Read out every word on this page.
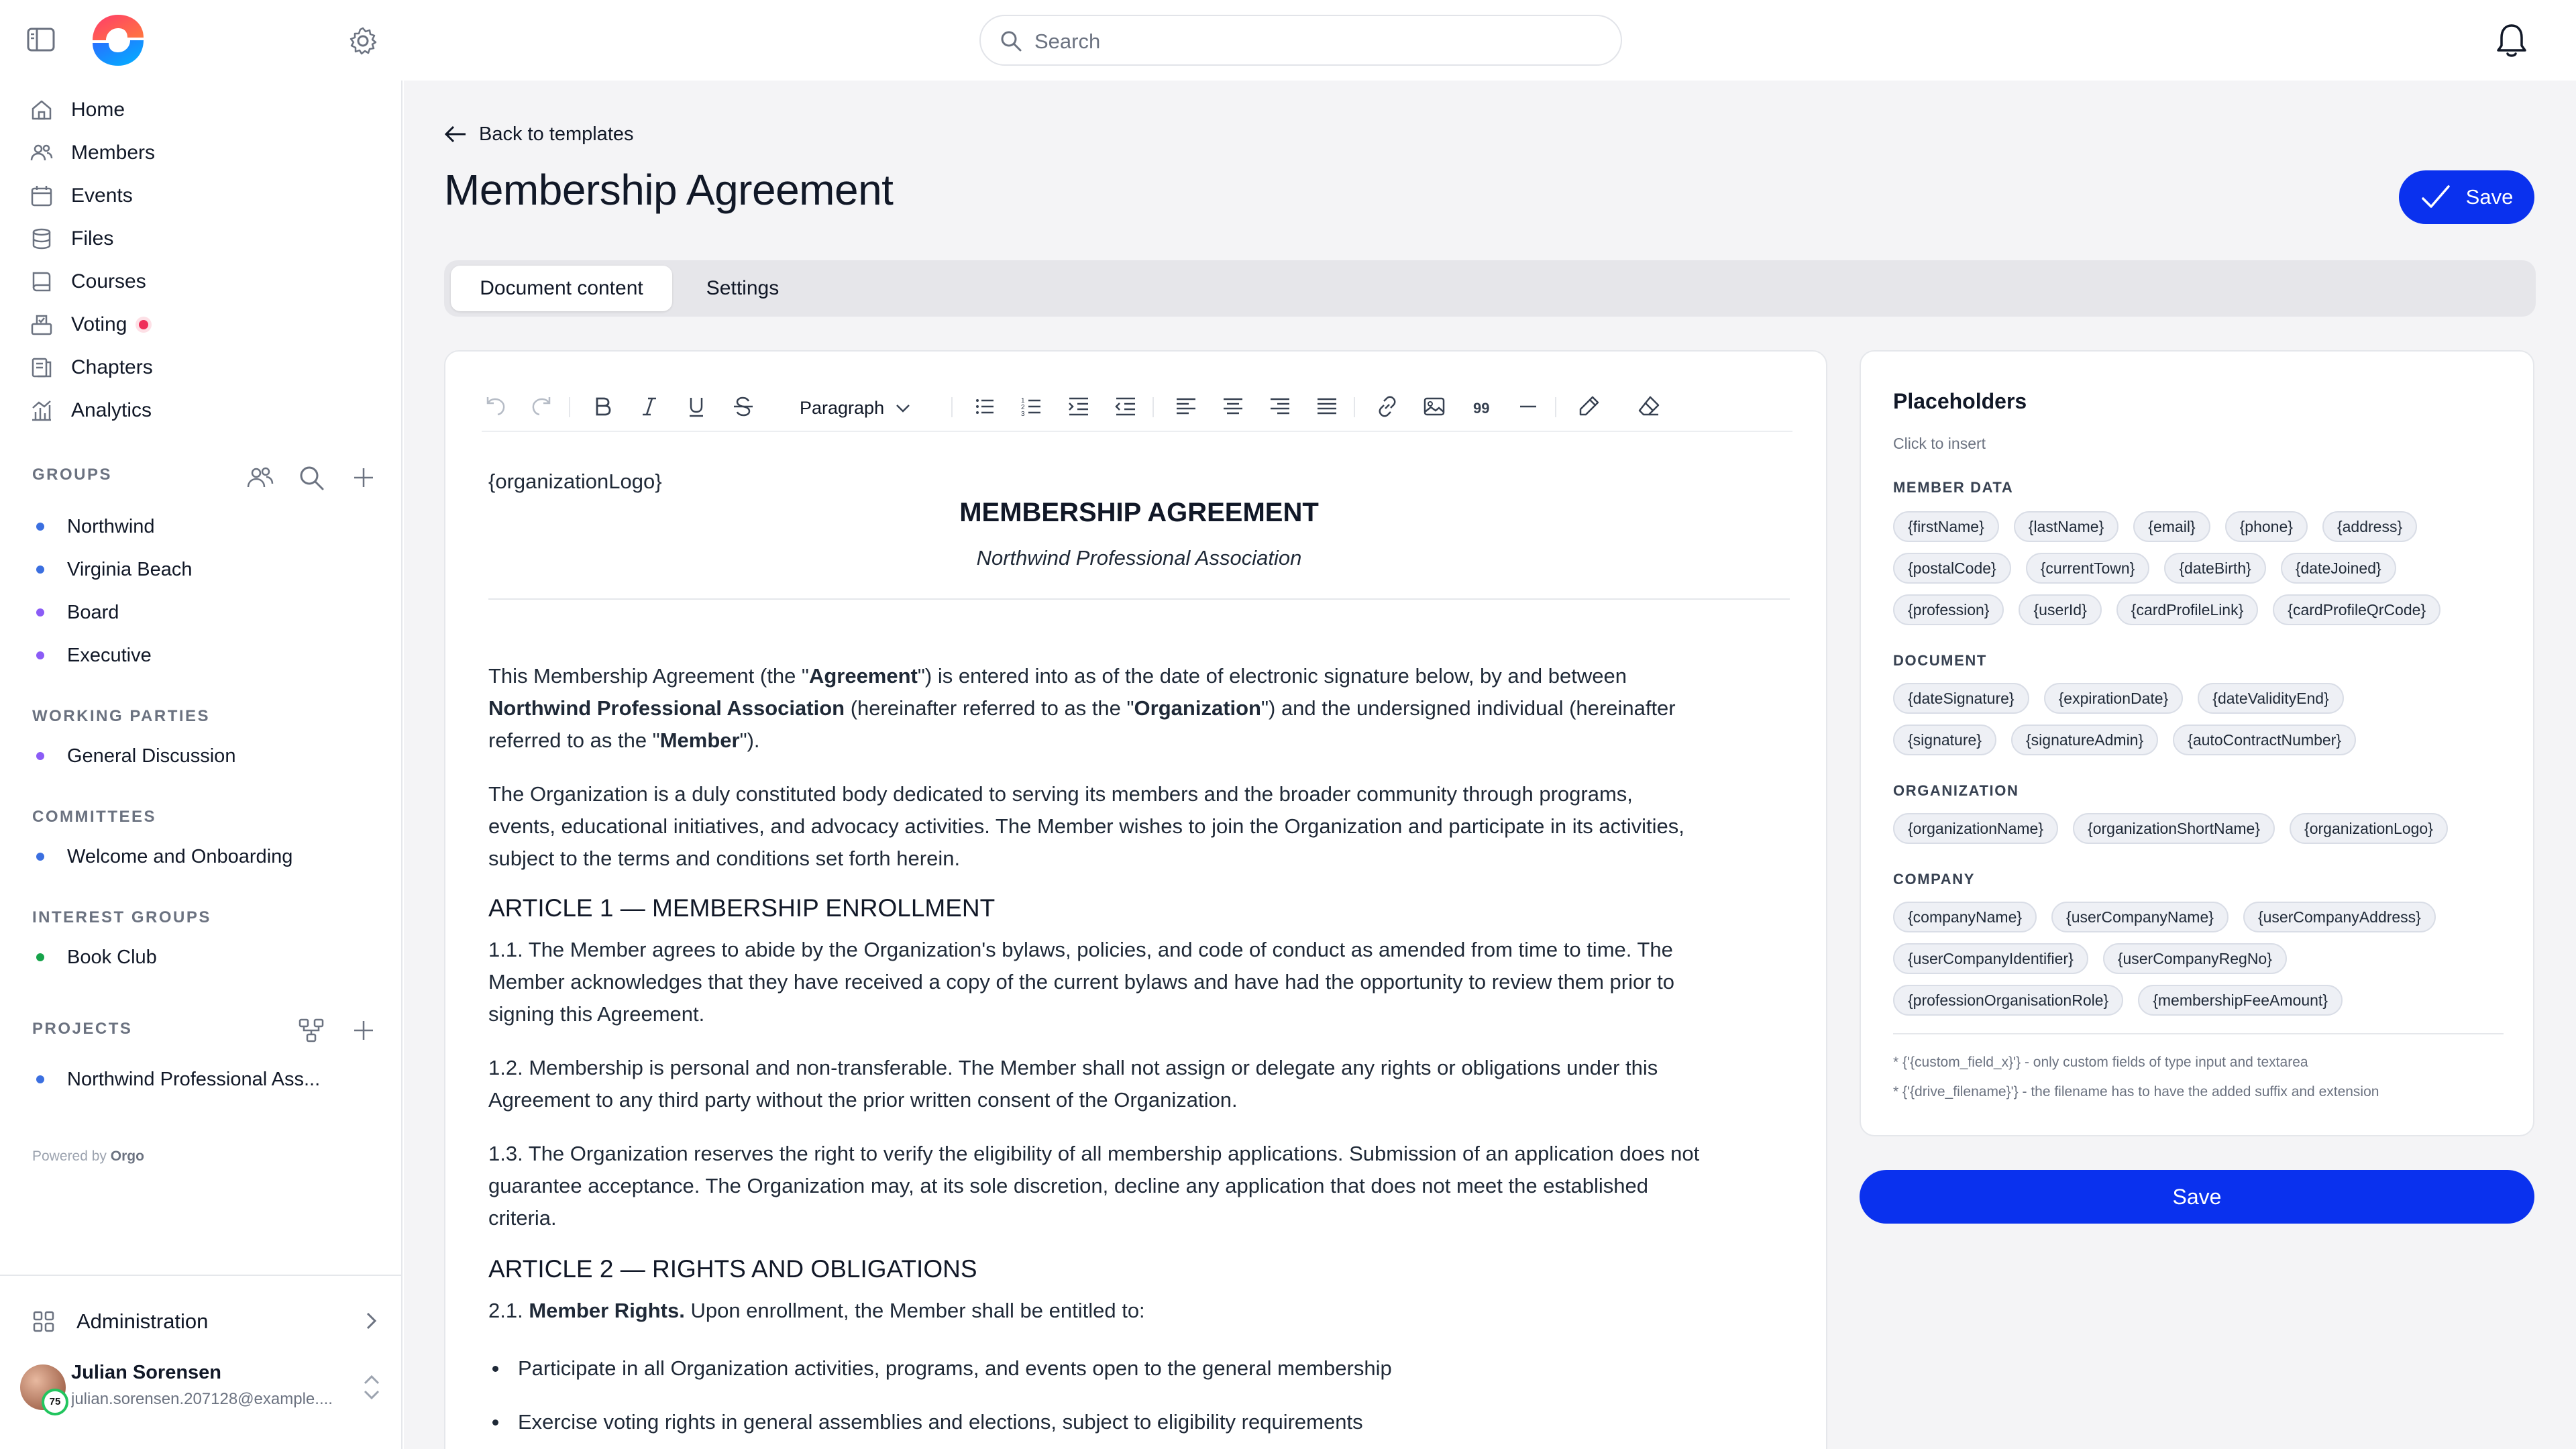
Search
Home
Members
Events
Files
Courses
Voting
Chapters
Analytics
GROUPS
Northwind
Virginia Beach
Board
Executive
WORKING PARTIES
General Discussion
COMMITTEES
Welcome and Onboarding
INTEREST GROUPS
Book Club
PROJECTS
Northwind Professional Ass...
Powered by Orgo
Administration
75
Julian Sorensen
julian.sorensen.207128@example....
Back to templates
Membership Agreement	Save
Document content	Settings
Paragraph	1
2
3	99

{organizationLogo}

MEMBERSHIP AGREEMENT

Northwind Professional Association

This Membership Agreement (the "Agreement") is entered into as of the date of electronic signature below, by and between
Northwind Professional Association (hereinafter referred to as the "Organization") and the undersigned individual (hereinafter
referred to as the "Member").

The Organization is a duly constituted body dedicated to serving its members and the broader community through programs,
events, educational initiatives, and advocacy activities. The Member wishes to join the Organization and participate in its activities,
subject to the terms and conditions set forth herein.

ARTICLE 1 — MEMBERSHIP ENROLLMENT

1.1. The Member agrees to abide by the Organization's bylaws, policies, and code of conduct as amended from time to time. The
Member acknowledges that they have received a copy of the current bylaws and have had the opportunity to review them prior to
signing this Agreement.

1.2. Membership is personal and non-transferable. The Member shall not assign or delegate any rights or obligations under this
Agreement to any third party without the prior written consent of the Organization.

1.3. The Organization reserves the right to verify the eligibility of all membership applications. Submission of an application does not
guarantee acceptance. The Organization may, at its sole discretion, decline any application that does not meet the established
criteria.

ARTICLE 2 — RIGHTS AND OBLIGATIONS

2.1. Member Rights. Upon enrollment, the Member shall be entitled to:

Participate in all Organization activities, programs, and events open to the general membership

Exercise voting rights in general assemblies and elections, subject to eligibility requirements

Placeholders
Click to insert
MEMBER DATA
{firstName}	{lastName}	{email}	{phone}	{address}
{postalCode}	{currentTown}	{dateBirth}	{dateJoined}
{profession}	{userId}	{cardProfileLink}	{cardProfileQrCode}
DOCUMENT
{dateSignature}	{expirationDate}	{dateValidityEnd}
{signature}	{signatureAdmin}	{autoContractNumber}
ORGANIZATION
{organizationName}	{organizationShortName}	{organizationLogo}
COMPANY
{companyName}	{userCompanyName}	{userCompanyAddress}
{userCompanyIdentifier}	{userCompanyRegNo}
{professionOrganisationRole}	{membershipFeeAmount}
* {'{custom_field_x}'} - only custom fields of type input and textarea
* {'{drive_filename}'} - the filename has to have the added suffix and extension
Save
